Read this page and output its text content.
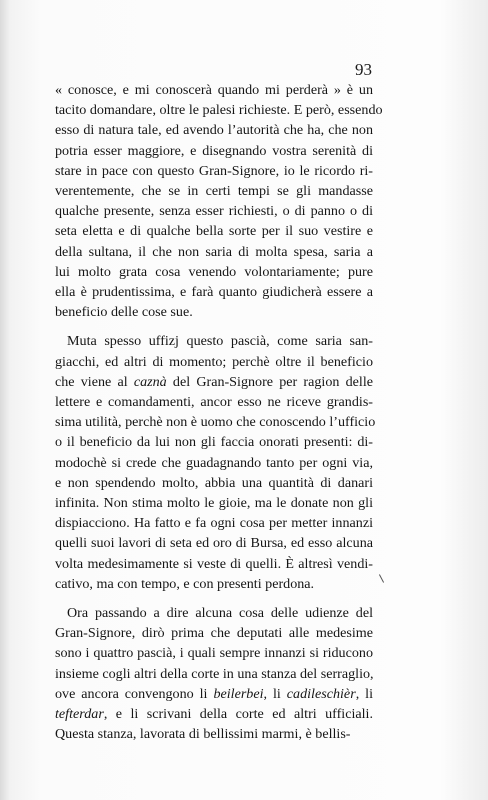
93
« conosce, e mi conoscerà quando mi perderà » è un
tacito domandare, oltre le palesi richieste. E però, essendo
esso di natura tale, ed avendo l’autorità che ha, che non
potria esser maggiore, e disegnando vostra serenità di
stare in pace con questo Gran-Signore, io le ricordo ri-
verentemente, che se in certi tempi se gli mandasse
qualche presente, senza esser richiesti, o di panno o di
seta eletta e di qualche bella sorte per il suo vestire e
della sultana, il che non saria di molta spesa, saria a
lui molto grata cosa venendo volontariamente; pure
ella è prudentissima, e farà quanto giudicherà essere a
beneficio delle cose sue.
Muta spesso uffizj questo pascià, come saria san-
giacchi, ed altri di momento; perchè oltre il beneficio
che viene al caznà del Gran-Signore per ragion delle
lettere e comandamenti, ancor esso ne riceve grandis-
sima utilità, perchè non è uomo che conoscendo l’ufficio
o il beneficio da lui non gli faccia onorati presenti: di-
modochè si crede che guadagnando tanto per ogni via,
e non spendendo molto, abbia una quantità di danari
infinita. Non stima molto le gioie, ma le donate non gli
dispiacciono. Ha fatto e fa ogni cosa per metter innanzi
quelli suoi lavori di seta ed oro di Bursa, ed esso alcuna
volta medesimamente si veste di quelli. È altresì vendi-
cativo, ma con tempo, e con presenti perdona.
Ora passando a dire alcuna cosa delle udienze del
Gran-Signore, dirò prima che deputati alle medesime
sono i quattro pascià, i quali sempre innanzi si riducono
insieme cogli altri della corte in una stanza del serraglio,
ove ancora convengono li beilerbei, li cadileschièr, li
tefterdar, e li scrivani della corte ed altri ufficiali.
Questa stanza, lavorata di bellissimi marmi, è bellis-
